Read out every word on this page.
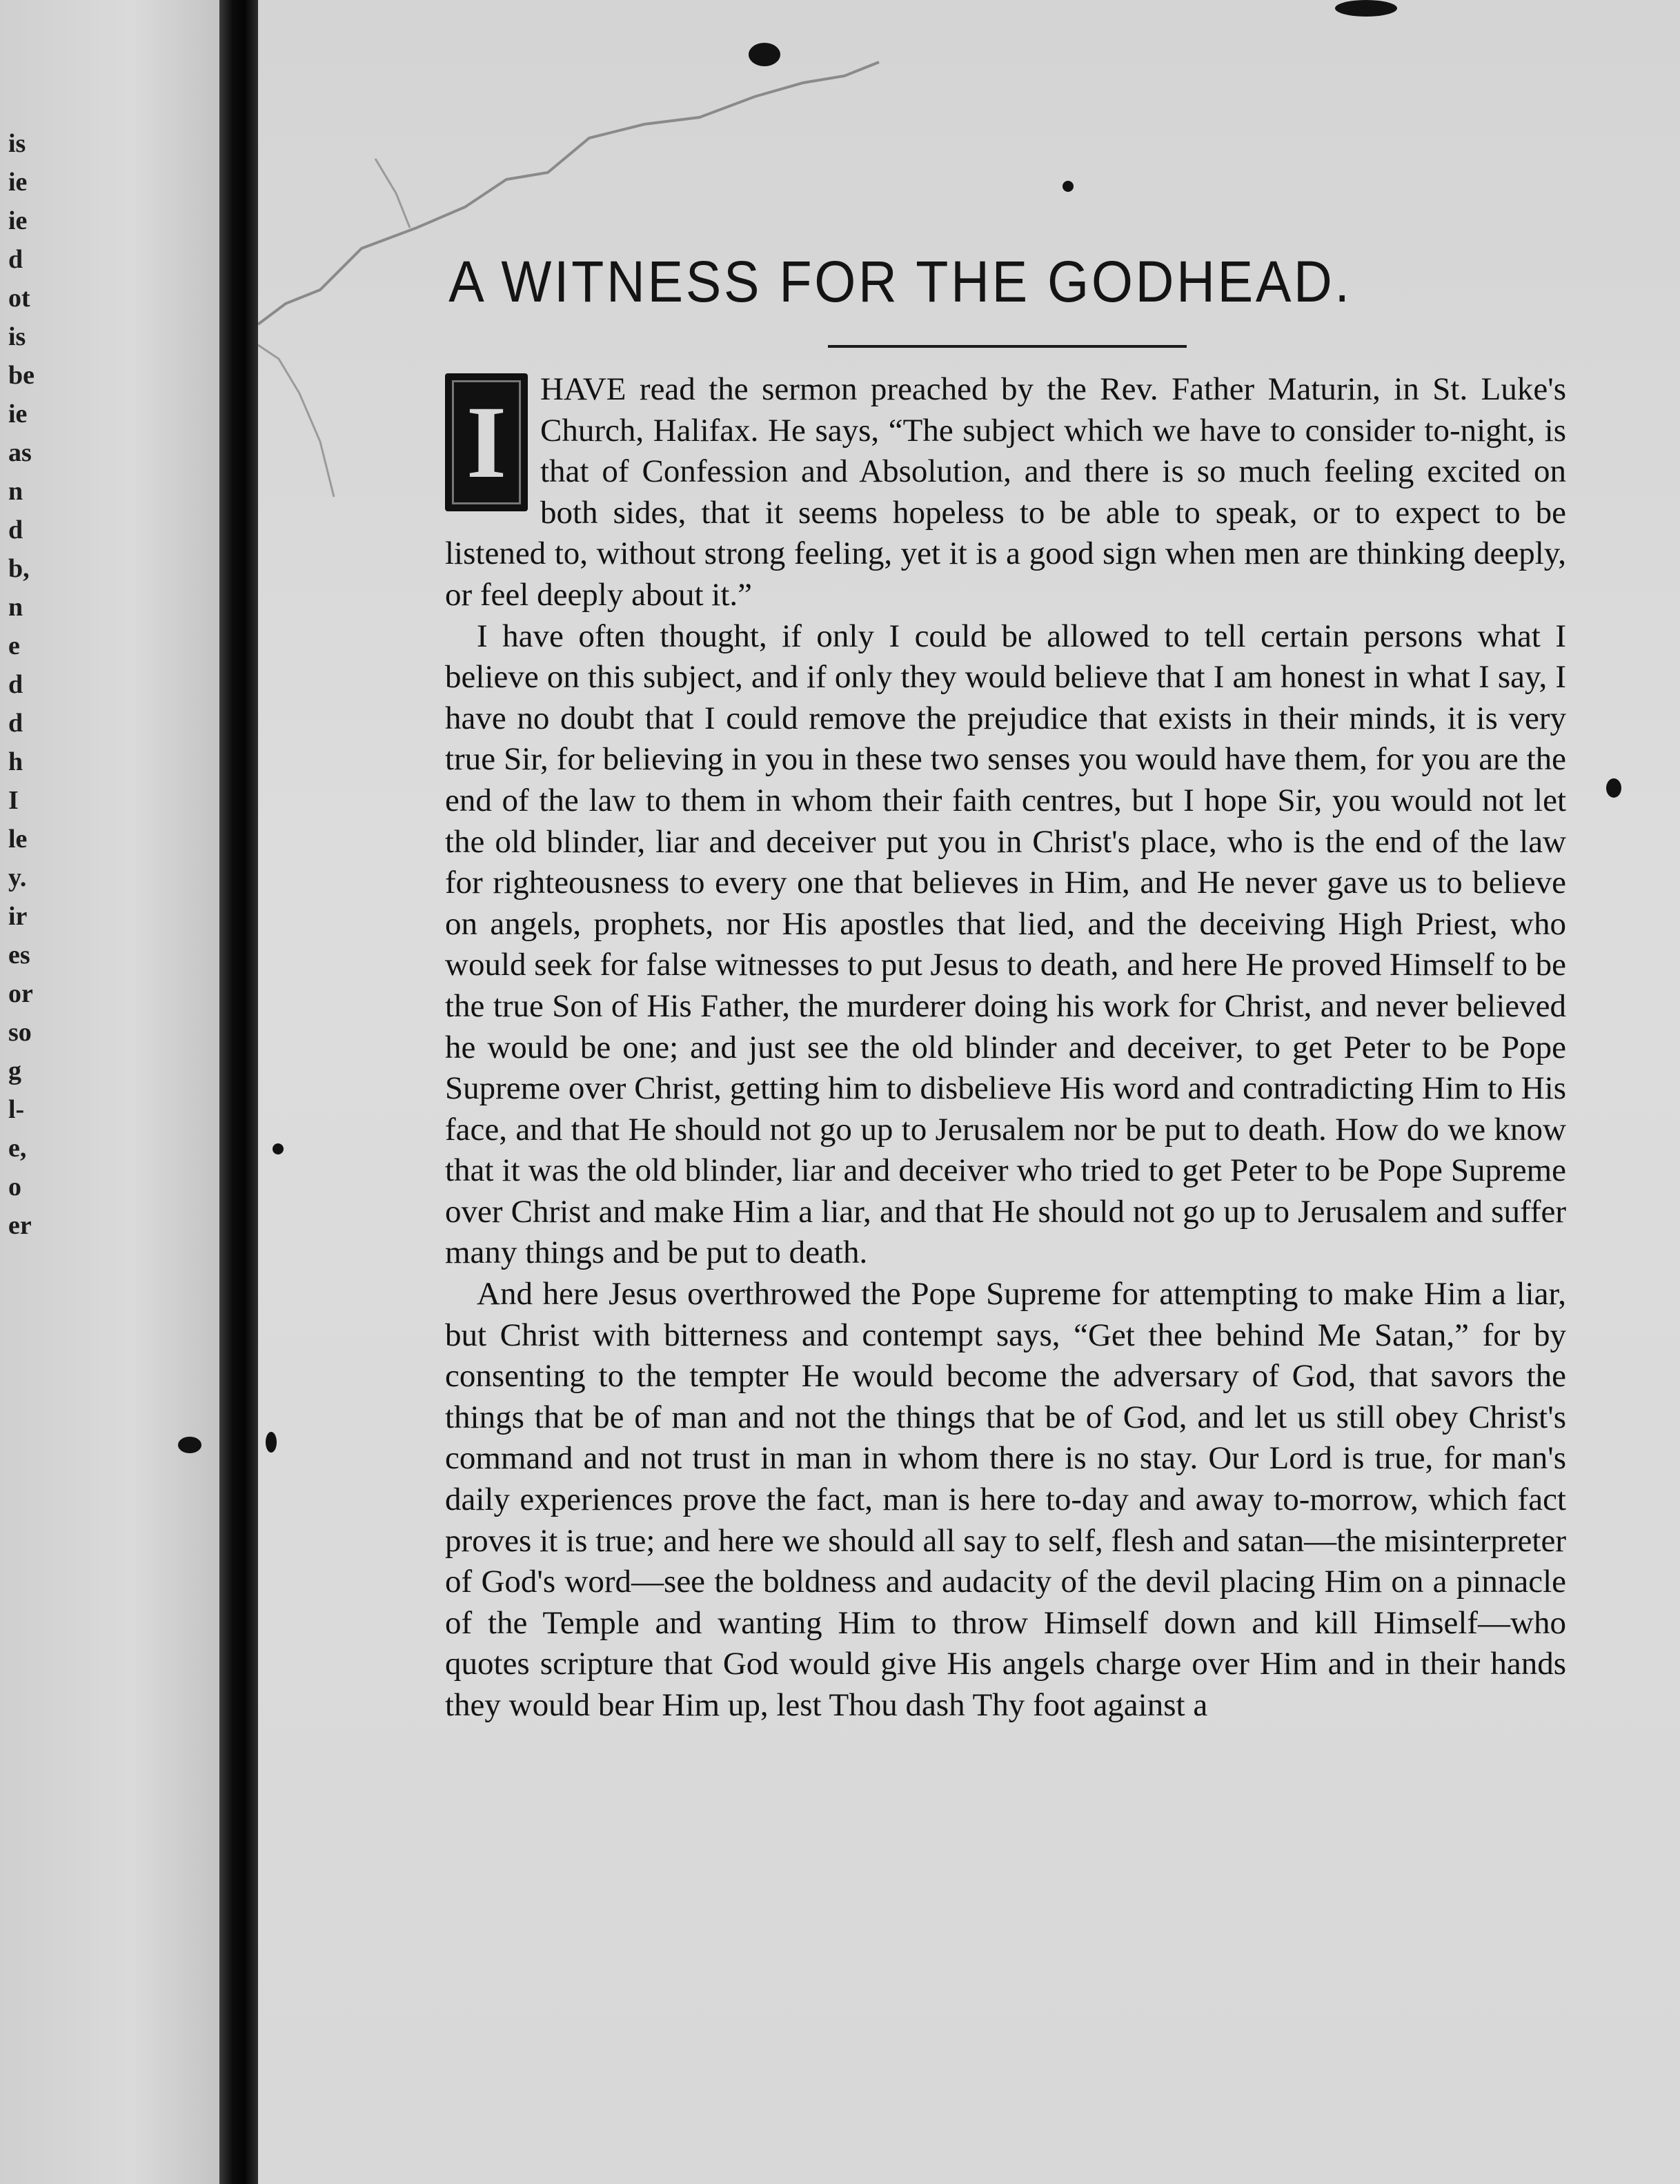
is
ie
ie
d
ot
is
be
ie
as
n
d
b,
n
e
d
d
h
I
le
y.
ir
es
or
so
g
l-
e,
o
er
A WITNESS FOR THE GODHEAD.

I	HAVE read the sermon preached by the Rev. Father Maturin, in St. Luke's Church, Halifax. He says, “The subject which we have to consider to-night, is that of Confession and Absolution, and there is so much feeling excited on both sides, that it seems hopeless to be able to speak, or to expect to be listened to, without strong feeling, yet it is a good sign when men are thinking deeply, or feel deeply about it.”

I have often thought, if only I could be allowed to tell certain persons what I believe on this subject, and if only they would believe that I am honest in what I say, I have no doubt that I could remove the prejudice that exists in their minds, it is very true Sir, for believing in you in these two senses you would have them, for you are the end of the law to them in whom their faith centres, but I hope Sir, you would not let the old blinder, liar and deceiver put you in Christ's place, who is the end of the law for righteousness to every one that believes in Him, and He never gave us to believe on angels, prophets, nor His apostles that lied, and the deceiving High Priest, who would seek for false witnesses to put Jesus to death, and here He proved Himself to be the true Son of His Father, the murderer doing his work for Christ, and never believed he would be one; and just see the old blinder and deceiver, to get Peter to be Pope Supreme over Christ, getting him to disbelieve His word and contradicting Him to His face, and that He should not go up to Jerusalem nor be put to death. How do we know that it was the old blinder, liar and deceiver who tried to get Peter to be Pope Supreme over Christ and make Him a liar, and that He should not go up to Jerusalem and suffer many things and be put to death.

And here Jesus overthrowed the Pope Supreme for attempting to make Him a liar, but Christ with bitterness and contempt says, “Get thee behind Me Satan,” for by consenting to the tempter He would become the adversary of God, that savors the things that be of man and not the things that be of God, and let us still obey Christ's command and not trust in man in whom there is no stay. Our Lord is true, for man's daily experiences prove the fact, man is here to-day and away to-morrow, which fact proves it is true; and here we should all say to self, flesh and satan—the misinterpreter of God's word—see the boldness and audacity of the devil placing Him on a pinnacle of the Temple and wanting Him to throw Himself down and kill Himself—who quotes scripture that God would give His angels charge over Him and in their hands they would bear Him up, lest Thou dash Thy foot against a
